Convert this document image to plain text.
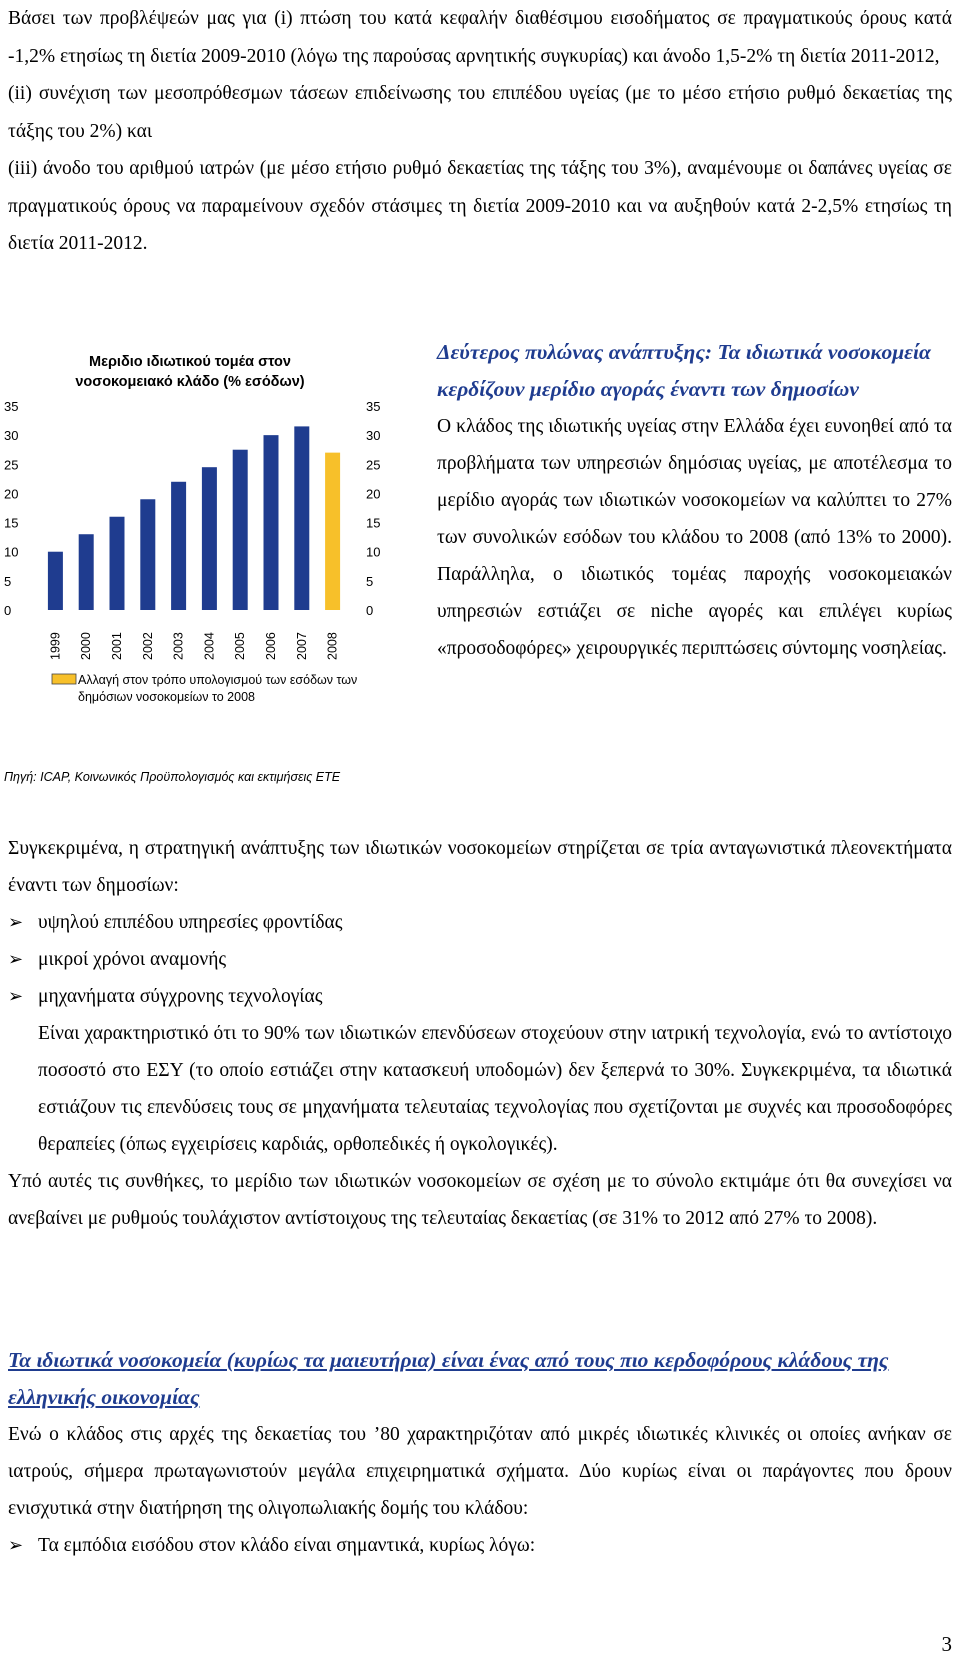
Βάσει των προβλέψεών μας για (i) πτώση του κατά κεφαλήν διαθέσιμου εισοδήματος σε πραγματικούς όρους κατά -1,2% ετησίως τη διετία 2009-2010 (λόγω της παρούσας αρνητικής συγκυρίας) και άνοδο 1,5-2% τη διετία 2011-2012,

(ii) συνέχιση των μεσοπρόθεσμων τάσεων επιδείνωσης του επιπέδου υγείας (με το μέσο ετήσιο ρυθμό δεκαετίας της τάξης του 2%) και

(iii) άνοδο του αριθμού ιατρών (με μέσο ετήσιο ρυθμό δεκαετίας της τάξης του 3%), αναμένουμε οι δαπάνες υγείας σε πραγματικούς όρους να παραμείνουν σχεδόν στάσιμες τη διετία 2009-2010 και να αυξηθούν κατά 2-2,5% ετησίως τη διετία 2011-2012.

Μεριδιο ιδιωτικού τομέα στον
νοσοκομειακό κλάδο (% εσόδων)
0	0
5	5
10	10
15	15
20	20
25	25
30	30
35	35
1999 2000 2001 2002 2003 2004 2005 2006 2007 2008
Αλλαγή στον τρόπο υπολογισμού των εσόδων των
δημόσιων νοσοκομείων το 2008
Πηγή: ICAP, Κοινωνικός Προϋπολογισμός και εκτιμήσεις ΕΤΕ

Δεύτερος πυλώνας ανάπτυξης: Τα ιδιωτικά νοσοκομεία κερδίζουν μερίδιο αγοράς έναντι των δημοσίων

Ο κλάδος της ιδιωτικής υγείας στην Ελλάδα έχει ευνοηθεί από τα προβλήματα των υπηρεσιών δημόσιας υγείας, με αποτέλεσμα το μερίδιο αγοράς των ιδιωτικών νοσοκομείων να καλύπτει το 27% των συνολικών εσόδων του κλάδου το 2008 (από 13% το 2000). Παράλληλα, ο ιδιωτικός τομέας παροχής νοσοκομειακών υπηρεσιών εστιάζει σε niche αγορές και επιλέγει κυρίως «προσοδοφόρες» χειρουργικές περιπτώσεις σύντομης νοσηλείας.

Συγκεκριμένα, η στρατηγική ανάπτυξης των ιδιωτικών νοσοκομείων στηρίζεται σε τρία ανταγωνιστικά πλεονεκτήματα έναντι των δημοσίων:

➢ υψηλού επιπέδου υπηρεσίες φροντίδας
➢ μικροί χρόνοι αναμονής
➢ μηχανήματα σύγχρονης τεχνολογίας

Είναι χαρακτηριστικό ότι το 90% των ιδιωτικών επενδύσεων στοχεύουν στην ιατρική τεχνολογία, ενώ το αντίστοιχο ποσοστό στο ΕΣΥ (το οποίο εστιάζει στην κατασκευή υποδομών) δεν ξεπερνά το 30%. Συγκεκριμένα, τα ιδιωτικά εστιάζουν τις επενδύσεις τους σε μηχανήματα τελευταίας τεχνολογίας που σχετίζονται με συχνές και προσοδοφόρες θεραπείες (όπως εγχειρίσεις καρδιάς, ορθοπεδικές ή ογκολογικές).

Υπό αυτές τις συνθήκες, το μερίδιο των ιδιωτικών νοσοκομείων σε σχέση με το σύνολο εκτιμάμε ότι θα συνεχίσει να ανεβαίνει με ρυθμούς τουλάχιστον αντίστοιχους της τελευταίας δεκαετίας (σε 31% το 2012 από 27% το 2008).

Τα ιδιωτικά νοσοκομεία (κυρίως τα μαιευτήρια) είναι ένας από τους πιο κερδοφόρους κλάδους της ελληνικής οικονομίας

Ενώ ο κλάδος στις αρχές της δεκαετίας του ’80 χαρακτηριζόταν από μικρές ιδιωτικές κλινικές οι οποίες ανήκαν σε ιατρούς, σήμερα πρωταγωνιστούν μεγάλα επιχειρηματικά σχήματα. Δύο κυρίως είναι οι παράγοντες που δρουν ενισχυτικά στην διατήρηση της ολιγοπωλιακής δομής του κλάδου:

➢ Τα εμπόδια εισόδου στον κλάδο είναι σημαντικά, κυρίως λόγω:
3
